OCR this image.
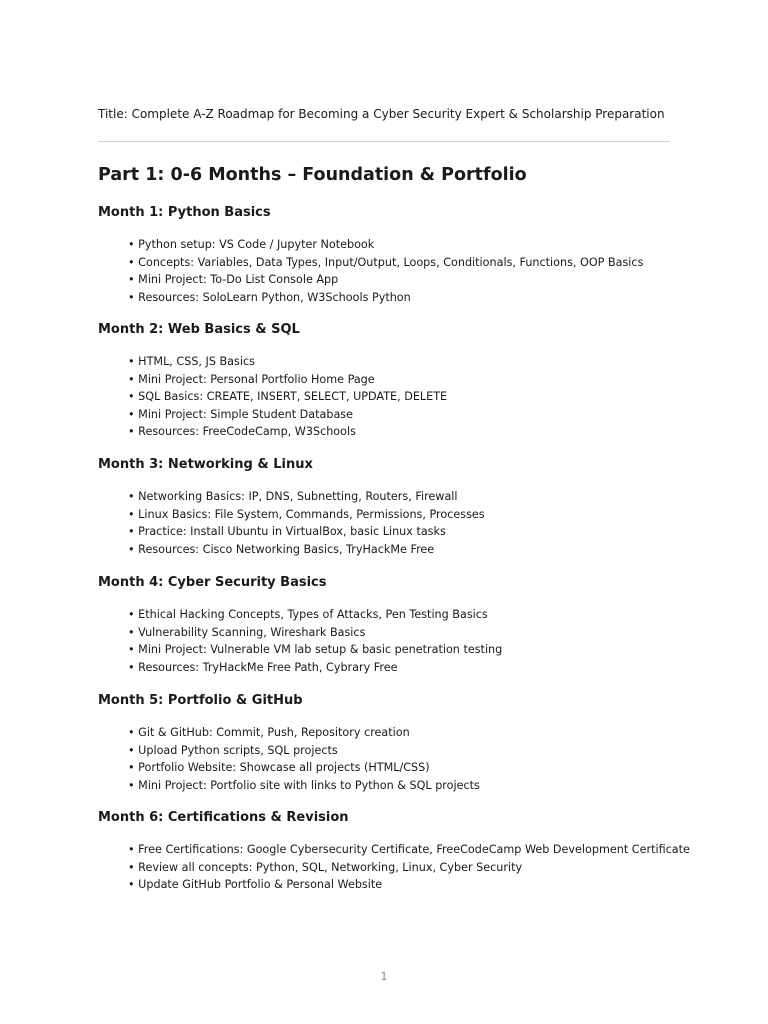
Title: Complete A-Z Roadmap for Becoming a Cyber Security Expert & Scholarship Preparation
Part 1: 0-6 Months – Foundation & Portfolio
Month 1: Python Basics
• Python setup: VS Code / Jupyter Notebook
• Concepts: Variables, Data Types, Input/Output, Loops, Conditionals, Functions, OOP Basics
• Mini Project: To-Do List Console App
• Resources: SoloLearn Python, W3Schools Python
Month 2: Web Basics & SQL
• HTML, CSS, JS Basics
• Mini Project: Personal Portfolio Home Page
• SQL Basics: CREATE, INSERT, SELECT, UPDATE, DELETE
• Mini Project: Simple Student Database
• Resources: FreeCodeCamp, W3Schools
Month 3: Networking & Linux
• Networking Basics: IP, DNS, Subnetting, Routers, Firewall
• Linux Basics: File System, Commands, Permissions, Processes
• Practice: Install Ubuntu in VirtualBox, basic Linux tasks
• Resources: Cisco Networking Basics, TryHackMe Free
Month 4: Cyber Security Basics
• Ethical Hacking Concepts, Types of Attacks, Pen Testing Basics
• Vulnerability Scanning, Wireshark Basics
• Mini Project: Vulnerable VM lab setup & basic penetration testing
• Resources: TryHackMe Free Path, Cybrary Free
Month 5: Portfolio & GitHub
• Git & GitHub: Commit, Push, Repository creation
• Upload Python scripts, SQL projects
• Portfolio Website: Showcase all projects (HTML/CSS)
• Mini Project: Portfolio site with links to Python & SQL projects
Month 6: Certifications & Revision
• Free Certifications: Google Cybersecurity Certificate, FreeCodeCamp Web Development Certificate
• Review all concepts: Python, SQL, Networking, Linux, Cyber Security
• Update GitHub Portfolio & Personal Website
1
